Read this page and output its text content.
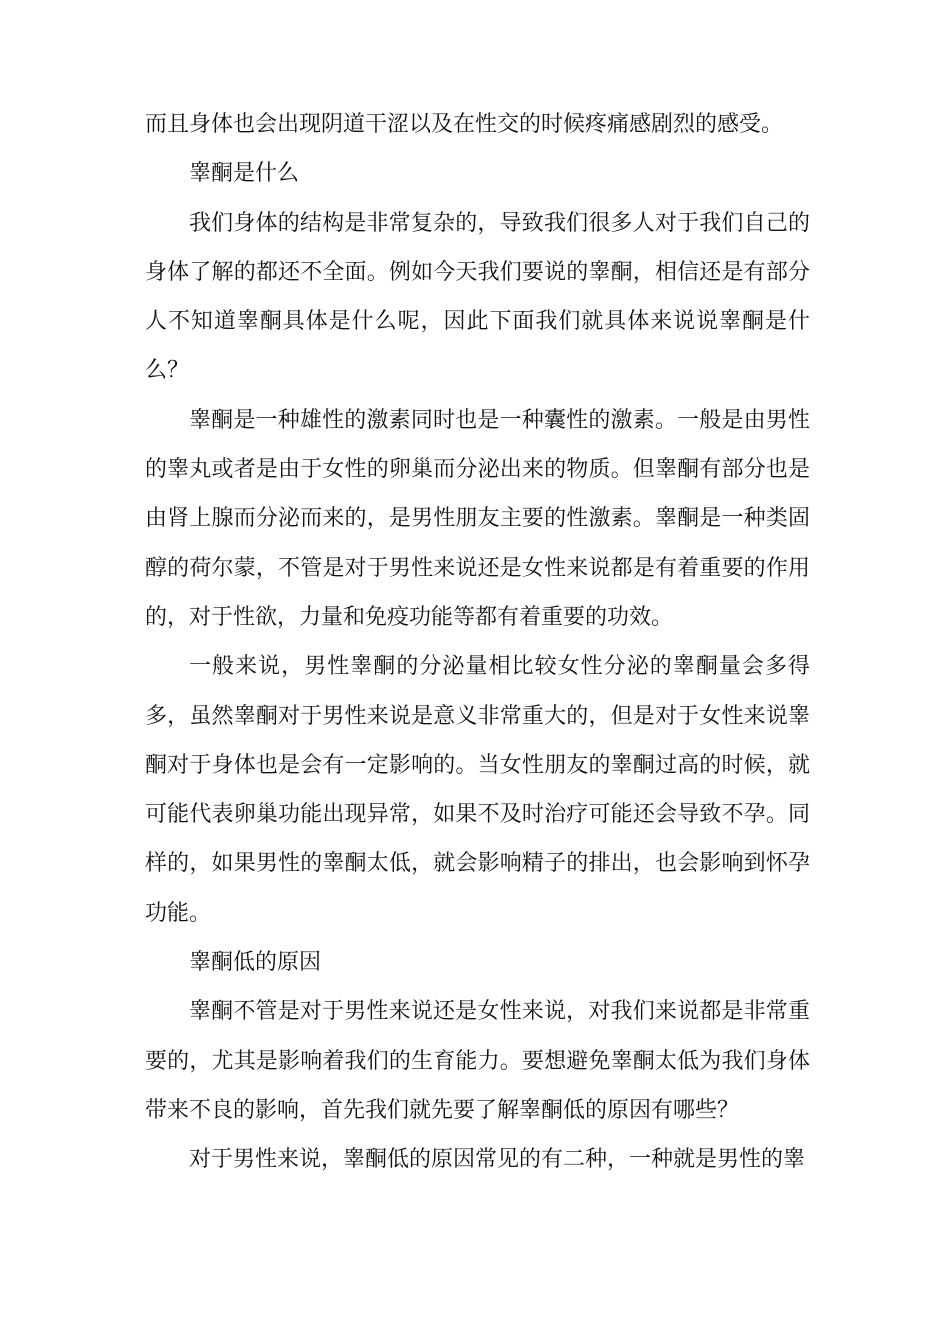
而且身体也会出现阴道干涩以及在性交的时候疼痛感剧烈的感受。

睾酮是什么

我们身体的结构是非常复杂的，导致我们很多人对于我们自己的身体了解的都还不全面。例如今天我们要说的睾酮，相信还是有部分人不知道睾酮具体是什么呢，因此下面我们就具体来说说睾酮是什么？

睾酮是一种雄性的激素同时也是一种囊性的激素。一般是由男性的睾丸或者是由于女性的卵巢而分泌出来的物质。但睾酮有部分也是由肾上腺而分泌而来的，是男性朋友主要的性激素。睾酮是一种类固醇的荷尔蒙，不管是对于男性来说还是女性来说都是有着重要的作用的，对于性欲，力量和免疫功能等都有着重要的功效。

一般来说，男性睾酮的分泌量相比较女性分泌的睾酮量会多得多，虽然睾酮对于男性来说是意义非常重大的，但是对于女性来说睾酮对于身体也是会有一定影响的。当女性朋友的睾酮过高的时候，就可能代表卵巢功能出现异常，如果不及时治疗可能还会导致不孕。同样的，如果男性的睾酮太低，就会影响精子的排出，也会影响到怀孕功能。

睾酮低的原因

睾酮不管是对于男性来说还是女性来说，对我们来说都是非常重要的，尤其是影响着我们的生育能力。要想避免睾酮太低为我们身体带来不良的影响，首先我们就先要了解睾酮低的原因有哪些？

对于男性来说，睾酮低的原因常见的有二种，一种就是男性的睾
